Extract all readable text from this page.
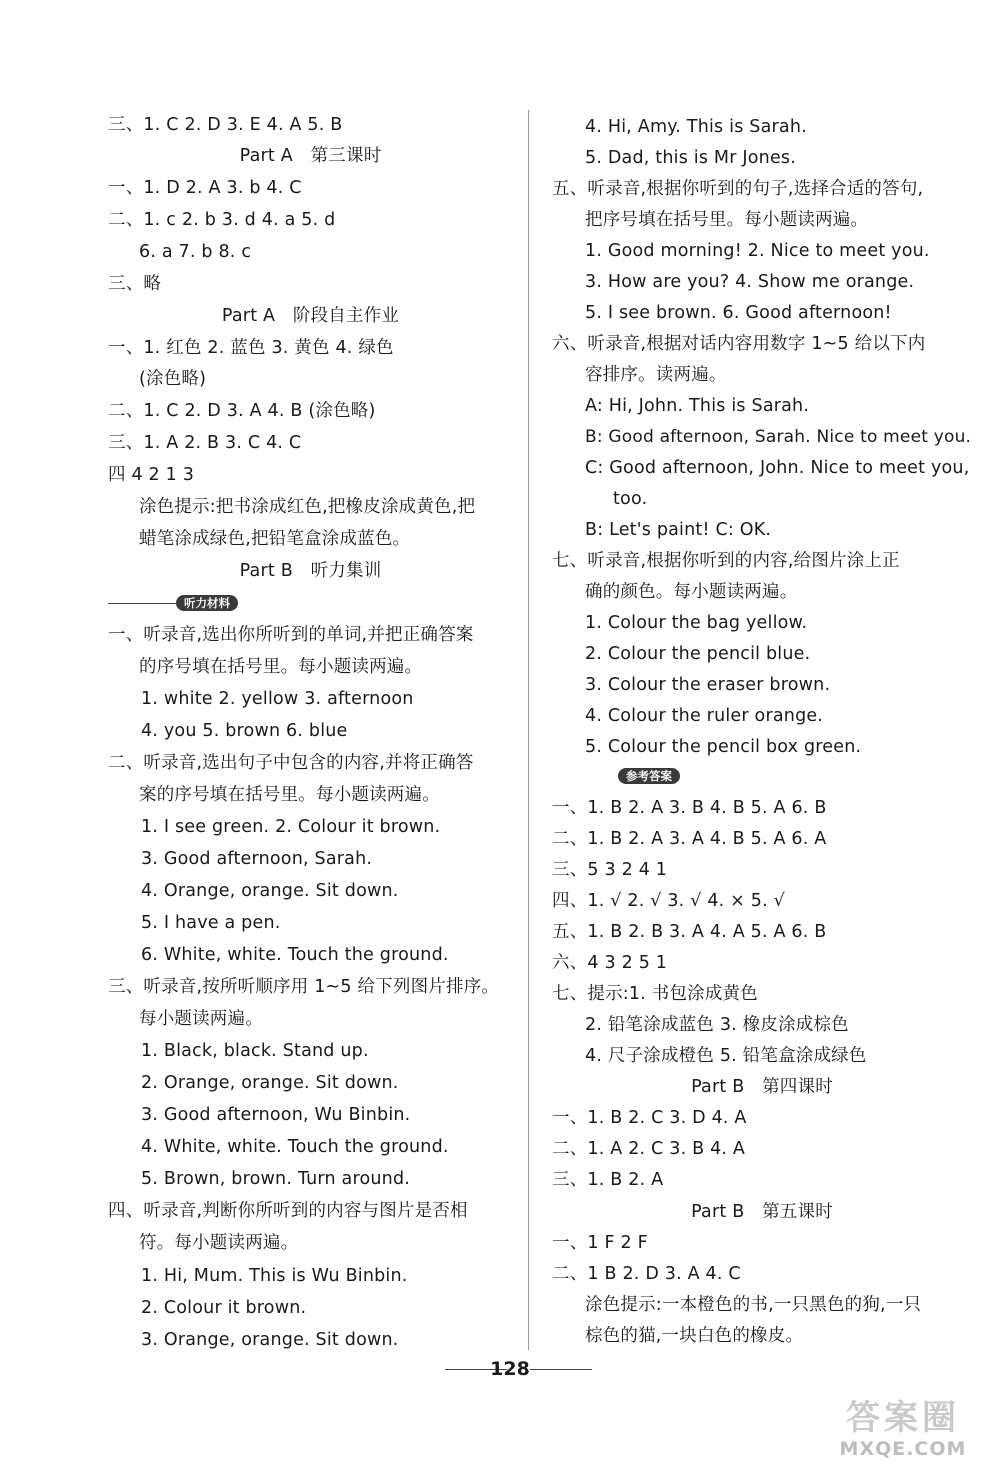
三、1. C 2. D 3. E 4. A 5. B
Part A　第三课时
一、1. D 2. A 3. b 4. C
二、1. c 2. b 3. d 4. a 5. d
6. a 7. b 8. c
三、略
Part A　阶段自主作业
一、1. 红色 2. 蓝色 3. 黄色 4. 绿色
(涂色略)
二、1. C 2. D 3. A 4. B (涂色略)
三、1. A 2. B 3. C 4. C
四 4 2 1 3
涂色提示:把书涂成红色,把橡皮涂成黄色,把
蜡笔涂成绿色,把铅笔盒涂成蓝色。
Part B　听力集训
听力材料
一、听录音,选出你所听到的单词,并把正确答案
的序号填在括号里。每小题读两遍。
1. white 2. yellow 3. afternoon
4. you 5. brown 6. blue
二、听录音,选出句子中包含的内容,并将正确答
案的序号填在括号里。每小题读两遍。
1. I see green. 2. Colour it brown.
3. Good afternoon, Sarah.
4. Orange, orange. Sit down.
5. I have a pen.
6. White, white. Touch the ground.
三、听录音,按所听顺序用 1~5 给下列图片排序。
每小题读两遍。
1. Black, black. Stand up.
2. Orange, orange. Sit down.
3. Good afternoon, Wu Binbin.
4. White, white. Touch the ground.
5. Brown, brown. Turn around.
四、听录音,判断你所听到的内容与图片是否相
符。每小题读两遍。
1. Hi, Mum. This is Wu Binbin.
2. Colour it brown.
3. Orange, orange. Sit down.
4. Hi, Amy. This is Sarah.
5. Dad, this is Mr Jones.
五、听录音,根据你听到的句子,选择合适的答句,
把序号填在括号里。每小题读两遍。
1. Good morning! 2. Nice to meet you.
3. How are you? 4. Show me orange.
5. I see brown. 6. Good afternoon!
六、听录音,根据对话内容用数字 1~5 给以下内
容排序。读两遍。
A: Hi, John. This is Sarah.
B: Good afternoon, Sarah. Nice to meet you.
C: Good afternoon, John. Nice to meet you,
too.
B: Let's paint! C: OK.
七、听录音,根据你听到的内容,给图片涂上正
确的颜色。每小题读两遍。
1. Colour the bag yellow.
2. Colour the pencil blue.
3. Colour the eraser brown.
4. Colour the ruler orange.
5. Colour the pencil box green.
参考答案
一、1. B 2. A 3. B 4. B 5. A 6. B
二、1. B 2. A 3. A 4. B 5. A 6. A
三、5 3 2 4 1
四、1. √ 2. √ 3. √ 4. × 5. √
五、1. B 2. B 3. A 4. A 5. A 6. B
六、4 3 2 5 1
七、提示:1. 书包涂成黄色
2. 铅笔涂成蓝色 3. 橡皮涂成棕色
4. 尺子涂成橙色 5. 铅笔盒涂成绿色
Part B　第四课时
一、1. B 2. C 3. D 4. A
二、1. A 2. C 3. B 4. A
三、1. B 2. A
Part B　第五课时
一、1 F 2 F
二、1 B 2. D 3. A 4. C
涂色提示:一本橙色的书,一只黑色的狗,一只
棕色的猫,一块白色的橡皮。
128
答案圈
MXQE.COM
